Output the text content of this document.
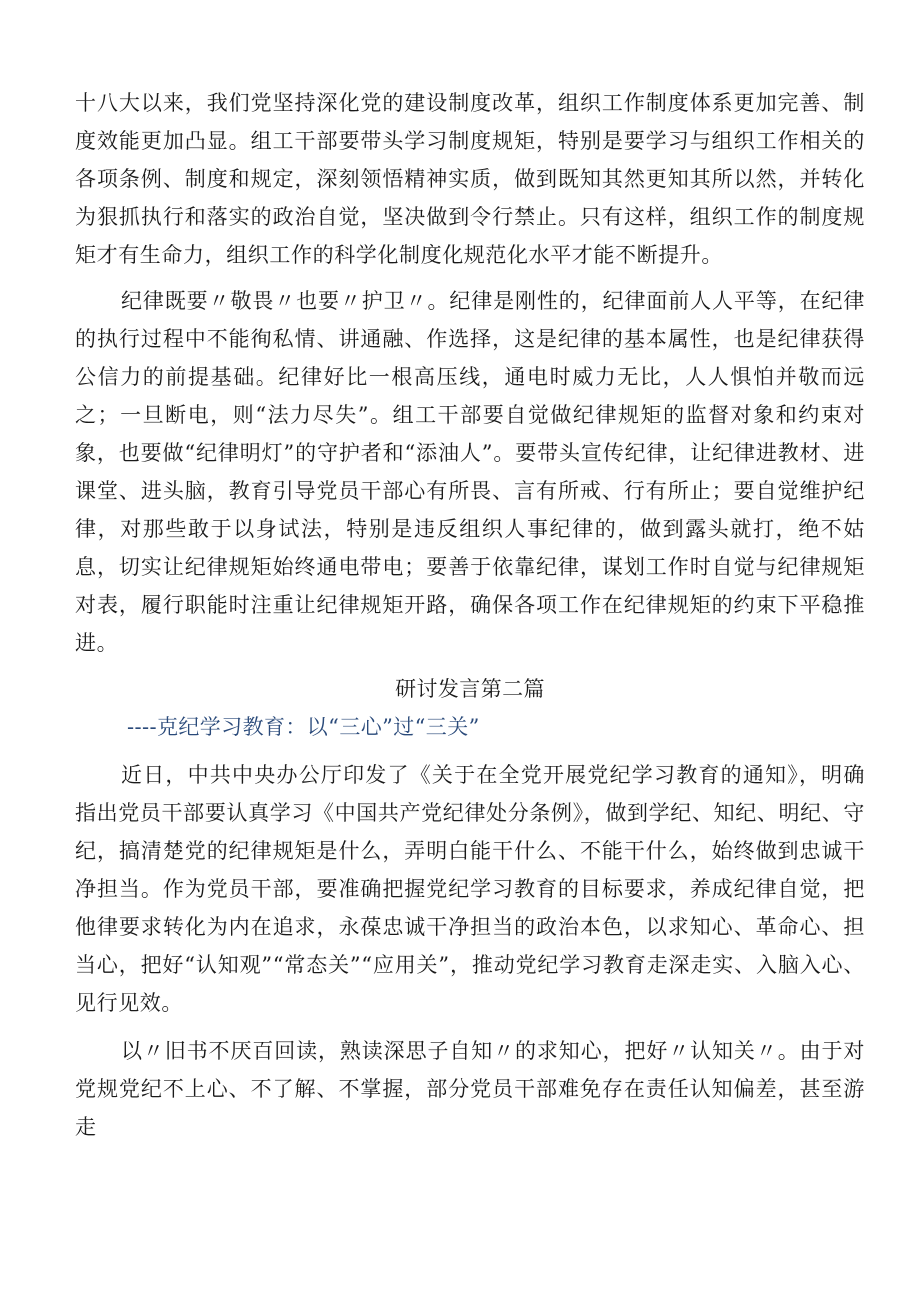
十八大以来，我们党坚持深化党的建设制度改革，组织工作制度体系更加完善、制度效能更加凸显。组工干部要带头学习制度规矩，特别是要学习与组织工作相关的各项条例、制度和规定，深刻领悟精神实质，做到既知其然更知其所以然，并转化为狠抓执行和落实的政治自觉，坚决做到令行禁止。只有这样，组织工作的制度规矩才有生命力，组织工作的科学化制度化规范化水平才能不断提升。

纪律既要〃敬畏〃也要〃护卫〃。纪律是刚性的，纪律面前人人平等，在纪律的执行过程中不能徇私情、讲通融、作选择，这是纪律的基本属性，也是纪律获得公信力的前提基础。纪律好比一根高压线，通电时威力无比，人人惧怕并敬而远之；一旦断电，则“法力尽失”。组工干部要自觉做纪律规矩的监督对象和约束对象，也要做“纪律明灯”的守护者和“添油人”。要带头宣传纪律，让纪律进教材、进课堂、进头脑，教育引导党员干部心有所畏、言有所戒、行有所止；要自觉维护纪律，对那些敢于以身试法，特别是违反组织人事纪律的，做到露头就打，绝不姑息，切实让纪律规矩始终通电带电；要善于依靠纪律，谋划工作时自觉与纪律规矩对表，履行职能时注重让纪律规矩开路，确保各项工作在纪律规矩的约束下平稳推进。

研讨发言第二篇

----克纪学习教育：以“三心”过“三关”

近日，中共中央办公厅印发了《关于在全党开展党纪学习教育的通知》，明确指出党员干部要认真学习《中国共产党纪律处分条例》，做到学纪、知纪、明纪、守纪，搞清楚党的纪律规矩是什么，弄明白能干什么、不能干什么，始终做到忠诚干净担当。作为党员干部，要准确把握党纪学习教育的目标要求，养成纪律自觉，把他律要求转化为内在追求，永葆忠诚干净担当的政治本色，以求知心、革命心、担当心，把好“认知观”“常态关”“应用关”，推动党纪学习教育走深走实、入脑入心、见行见效。

以〃旧书不厌百回读，熟读深思子自知〃的求知心，把好〃认知关〃。由于对党规党纪不上心、不了解、不掌握，部分党员干部难免存在责任认知偏差，甚至游走
